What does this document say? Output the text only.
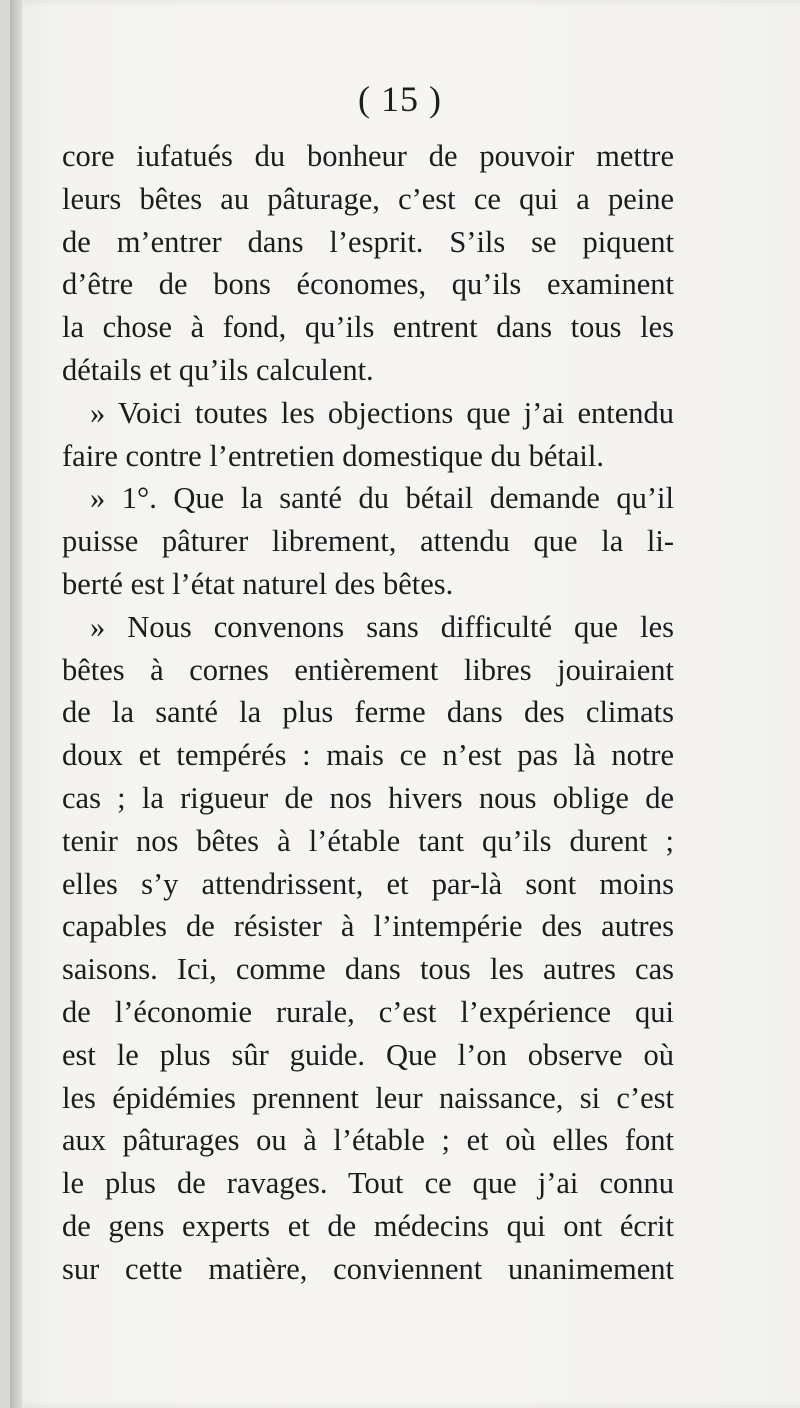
( 15 )
core iufatués du bonheur de pouvoir mettre
leurs bêtes au pâturage, c’est ce qui a peine
de m’entrer dans l’esprit. S’ils se piquent
d’être de bons économes, qu’ils examinent
la chose à fond, qu’ils entrent dans tous les
détails et qu’ils calculent.
» Voici toutes les objections que j’ai entendu
faire contre l’entretien domestique du bétail.
» 1°. Que la santé du bétail demande qu’il
puisse pâturer librement, attendu que la li-
berté est l’état naturel des bêtes.
» Nous convenons sans difficulté que les
bêtes à cornes entièrement libres jouiraient
de la santé la plus ferme dans des climats
doux et tempérés : mais ce n’est pas là notre
cas ; la rigueur de nos hivers nous oblige de
tenir nos bêtes à l’étable tant qu’ils durent ;
elles s’y attendrissent, et par-là sont moins
capables de résister à l’intempérie des autres
saisons. Ici, comme dans tous les autres cas
de l’économie rurale, c’est l’expérience qui
est le plus sûr guide. Que l’on observe où
les épidémies prennent leur naissance, si c’est
aux pâturages ou à l’étable ; et où elles font
le plus de ravages. Tout ce que j’ai connu
de gens experts et de médecins qui ont écrit
sur cette matière, conviennent unanimement
